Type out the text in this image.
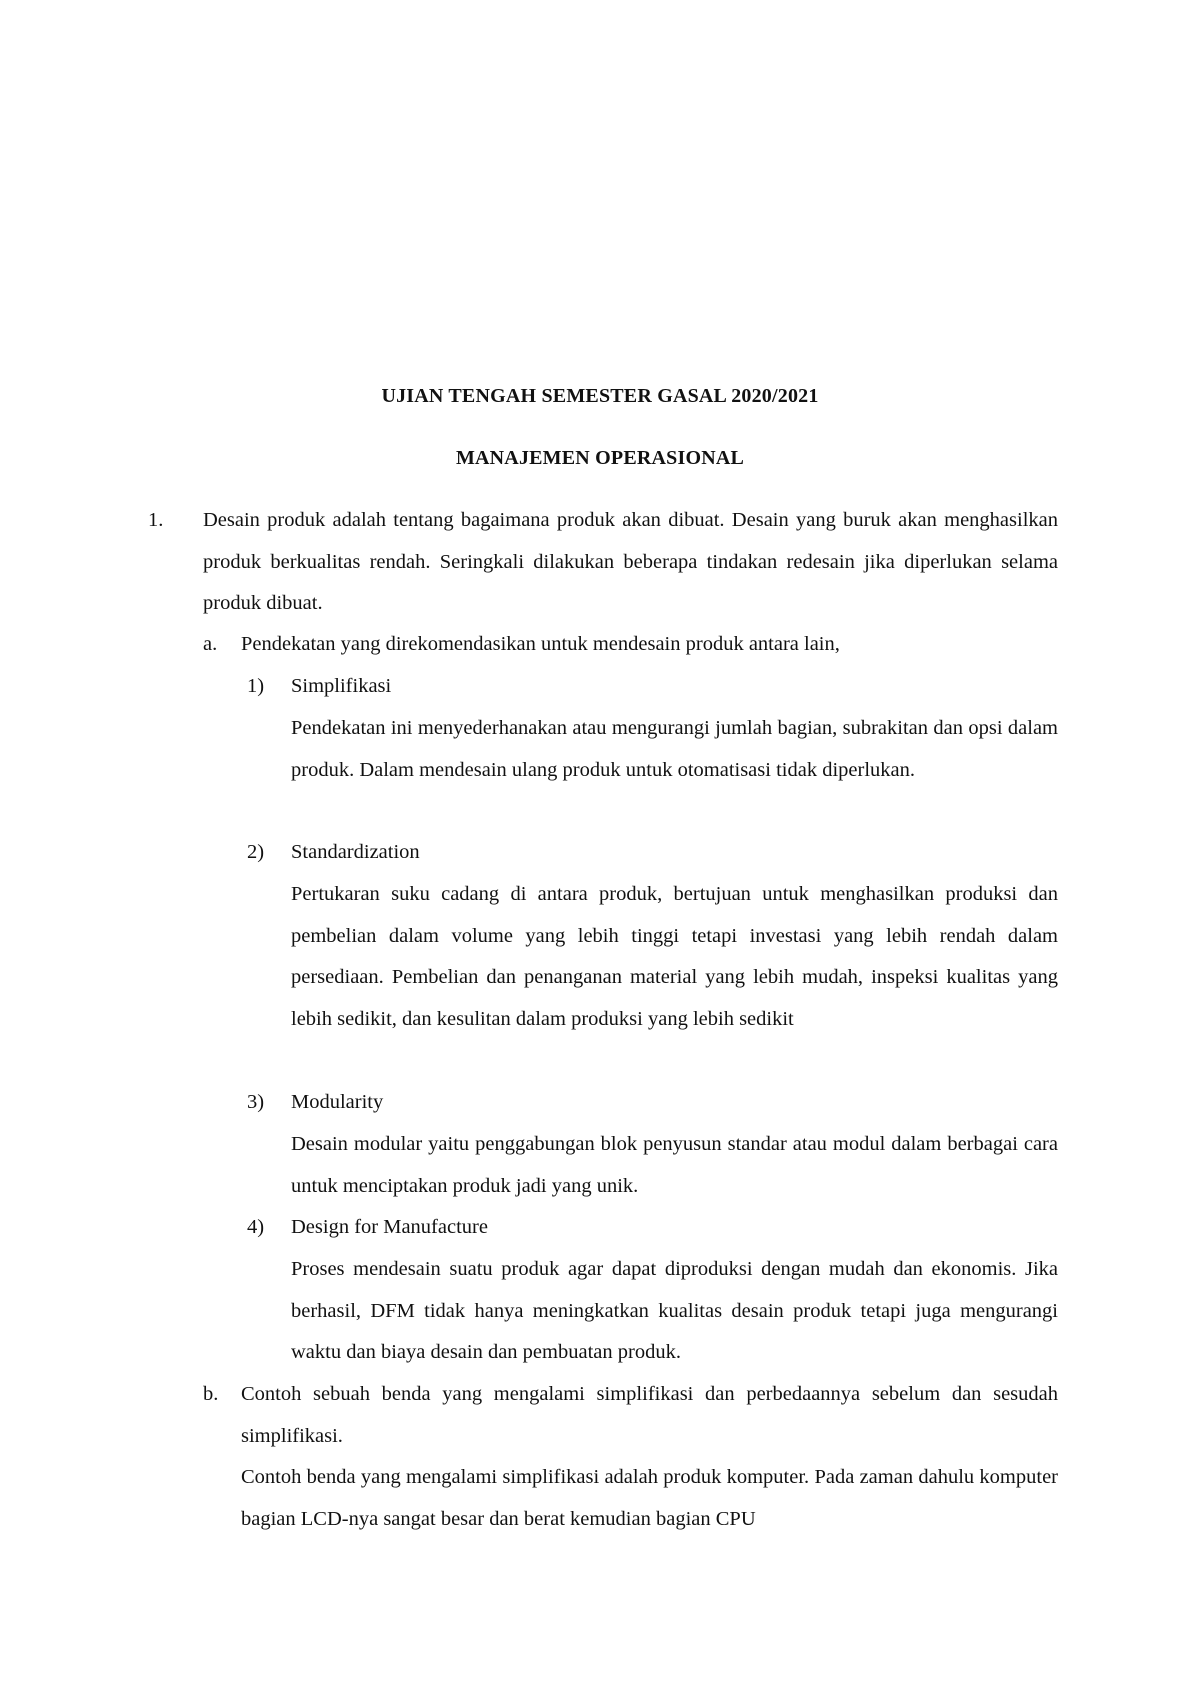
UJIAN TENGAH SEMESTER GASAL 2020/2021
MANAJEMEN OPERASIONAL
1. Desain produk adalah tentang bagaimana produk akan dibuat. Desain yang buruk akan menghasilkan produk berkualitas rendah. Seringkali dilakukan beberapa tindakan redesain jika diperlukan selama produk dibuat.
a. Pendekatan yang direkomendasikan untuk mendesain produk antara lain,
1) Simplifikasi
Pendekatan ini menyederhanakan atau mengurangi jumlah bagian, subrakitan dan opsi dalam produk. Dalam mendesain ulang produk untuk otomatisasi tidak diperlukan.
2) Standardization
Pertukaran suku cadang di antara produk, bertujuan untuk menghasilkan produksi dan pembelian dalam volume yang lebih tinggi tetapi investasi yang lebih rendah dalam persediaan. Pembelian dan penanganan material yang lebih mudah, inspeksi kualitas yang lebih sedikit, dan kesulitan dalam produksi yang lebih sedikit
3) Modularity
Desain modular yaitu penggabungan blok penyusun standar atau modul dalam berbagai cara untuk menciptakan produk jadi yang unik.
4) Design for Manufacture
Proses mendesain suatu produk agar dapat diproduksi dengan mudah dan ekonomis. Jika berhasil, DFM tidak hanya meningkatkan kualitas desain produk tetapi juga mengurangi waktu dan biaya desain dan pembuatan produk.
b. Contoh sebuah benda yang mengalami simplifikasi dan perbedaannya sebelum dan sesudah simplifikasi.
Contoh benda yang mengalami simplifikasi adalah produk komputer. Pada zaman dahulu komputer bagian LCD-nya sangat besar dan berat kemudian bagian CPU
